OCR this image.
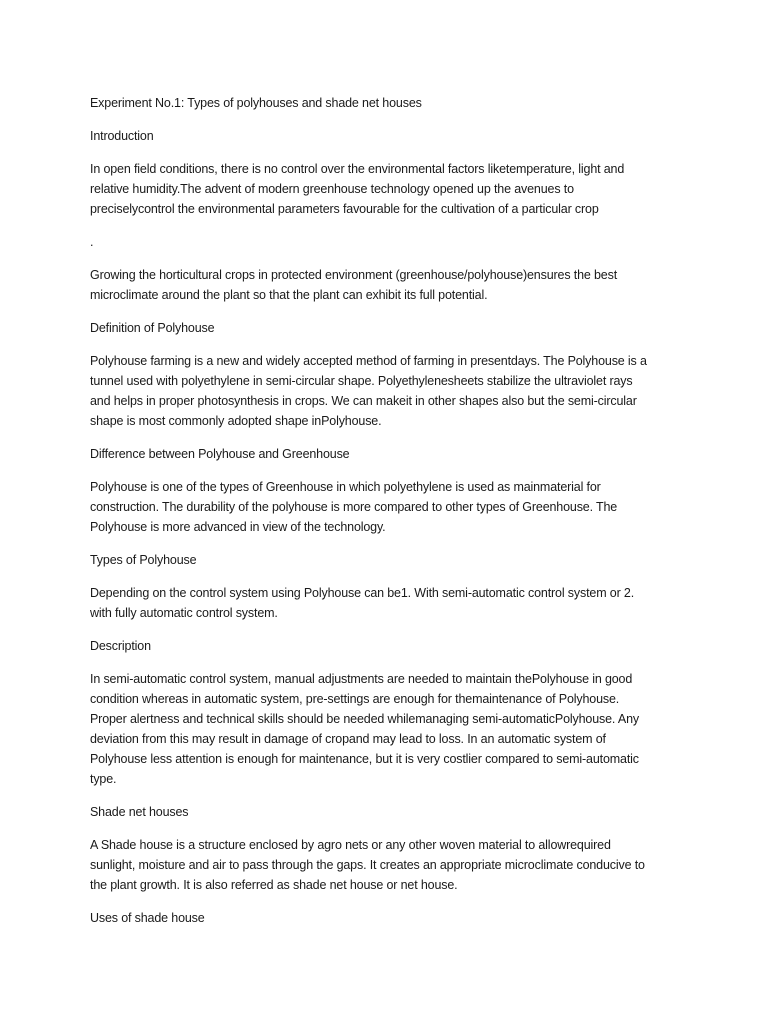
Experiment No.1: Types of polyhouses and shade net houses
Introduction
In open field conditions, there is no control over the environmental factors liketemperature, light and
relative humidity.The advent of modern greenhouse technology opened up the avenues to
preciselycontrol the environmental parameters favourable for the cultivation of a particular crop
.
Growing the horticultural crops in protected environment (greenhouse/polyhouse)ensures the best
microclimate around the plant so that the plant can exhibit its full potential.
Definition of Polyhouse
Polyhouse farming is a new and widely accepted method of farming in presentdays. The Polyhouse is a
tunnel used with polyethylene in semi-circular shape. Polyethylenesheets stabilize the ultraviolet rays
and helps in proper photosynthesis in crops. We can makeit in other shapes also but the semi-circular
shape is most commonly adopted shape inPolyhouse.
Difference between Polyhouse and Greenhouse
Polyhouse is one of the types of Greenhouse in which polyethylene is used as mainmaterial for
construction. The durability of the polyhouse is more compared to other types of Greenhouse. The
Polyhouse is more advanced in view of the technology.
Types of Polyhouse
Depending on the control system using Polyhouse can be1. With semi-automatic control system or 2.
with fully automatic control system.
Description
In semi-automatic control system, manual adjustments are needed to maintain thePolyhouse in good
condition whereas in automatic system, pre-settings are enough for themaintenance of Polyhouse.
Proper alertness and technical skills should be needed whilemanaging semi-automaticPolyhouse. Any
deviation from this may result in damage of cropand may lead to loss. In an automatic system of
Polyhouse less attention is enough for maintenance, but it is very costlier compared to semi-automatic
type.
Shade net houses
A Shade house is a structure enclosed by agro nets or any other woven material to allowrequired
sunlight, moisture and air to pass through the gaps. It creates an appropriate microclimate conducive to
the plant growth. It is also referred as shade net house or net house.
Uses of shade house
